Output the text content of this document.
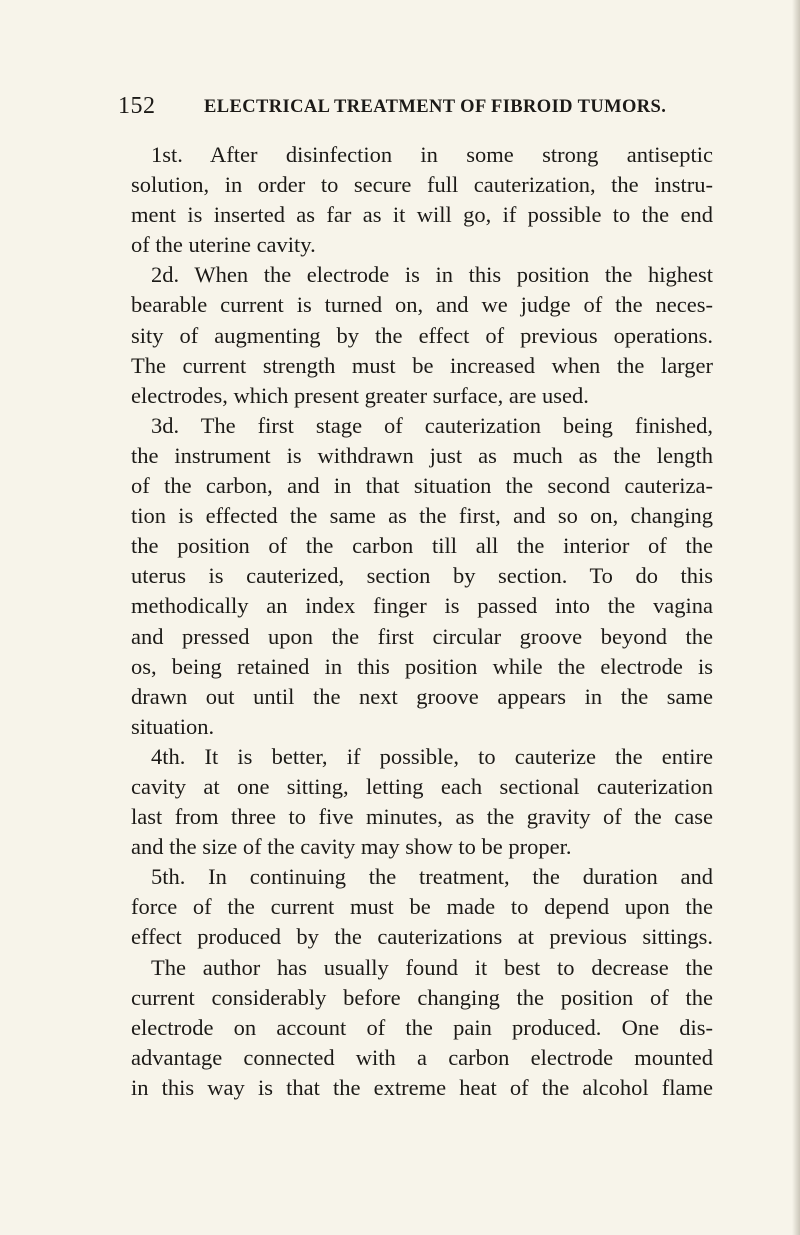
152	ELECTRICAL TREATMENT OF FIBROID TUMORS.
1st. After disinfection in some strong antiseptic
solution, in order to secure full cauterization, the instru-
ment is inserted as far as it will go, if possible to the end
of the uterine cavity.
2d. When the electrode is in this position the highest
bearable current is turned on, and we judge of the neces-
sity of augmenting by the effect of previous operations.
The current strength must be increased when the larger
electrodes, which present greater surface, are used.
3d. The first stage of cauterization being finished,
the instrument is withdrawn just as much as the length
of the carbon, and in that situation the second cauteriza-
tion is effected the same as the first, and so on, changing
the position of the carbon till all the interior of the
uterus is cauterized, section by section. To do this
methodically an index finger is passed into the vagina
and pressed upon the first circular groove beyond the
os, being retained in this position while the electrode is
drawn out until the next groove appears in the same
situation.
4th. It is better, if possible, to cauterize the entire
cavity at one sitting, letting each sectional cauterization
last from three to five minutes, as the gravity of the case
and the size of the cavity may show to be proper.
5th. In continuing the treatment, the duration and
force of the current must be made to depend upon the
effect produced by the cauterizations at previous sittings.
The author has usually found it best to decrease the
current considerably before changing the position of the
electrode on account of the pain produced. One dis-
advantage connected with a carbon electrode mounted
in this way is that the extreme heat of the alcohol flame
